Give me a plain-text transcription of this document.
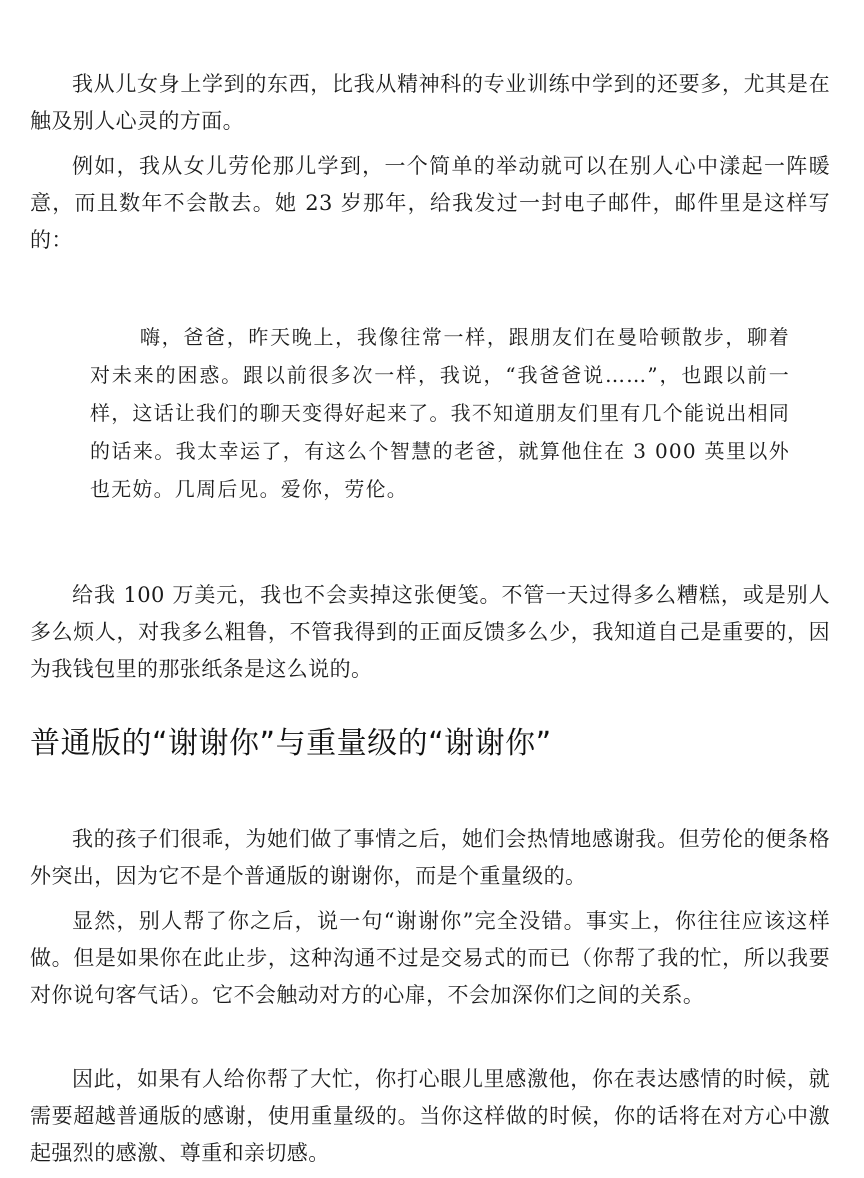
我从儿女身上学到的东西，比我从精神科的专业训练中学到的还要多，尤其是在触及别人心灵的方面。

例如，我从女儿劳伦那儿学到，一个简单的举动就可以在别人心中漾起一阵暖意，而且数年不会散去。她 23 岁那年，给我发过一封电子邮件，邮件里是这样写的：

嗨，爸爸，昨天晚上，我像往常一样，跟朋友们在曼哈顿散步，聊着对未来的困惑。跟以前很多次一样，我说，“我爸爸说……”，也跟以前一样，这话让我们的聊天变得好起来了。我不知道朋友们里有几个能说出相同的话来。我太幸运了，有这么个智慧的老爸，就算他住在 3 000 英里以外也无妨。几周后见。爱你，劳伦。

给我 100 万美元，我也不会卖掉这张便笺。不管一天过得多么糟糕，或是别人多么烦人，对我多么粗鲁，不管我得到的正面反馈多么少，我知道自己是重要的，因为我钱包里的那张纸条是这么说的。

普通版的“谢谢你”与重量级的“谢谢你”

我的孩子们很乖，为她们做了事情之后，她们会热情地感谢我。但劳伦的便条格外突出，因为它不是个普通版的谢谢你，而是个重量级的。

显然，别人帮了你之后，说一句“谢谢你”完全没错。事实上，你往往应该这样做。但是如果你在此止步，这种沟通不过是交易式的而已（你帮了我的忙，所以我要对你说句客气话）。它不会触动对方的心扉，不会加深你们之间的关系。

因此，如果有人给你帮了大忙，你打心眼儿里感激他，你在表达感情的时候，就需要超越普通版的感谢，使用重量级的。当你这样做的时候，你的话将在对方心中激起强烈的感激、尊重和亲切感。
